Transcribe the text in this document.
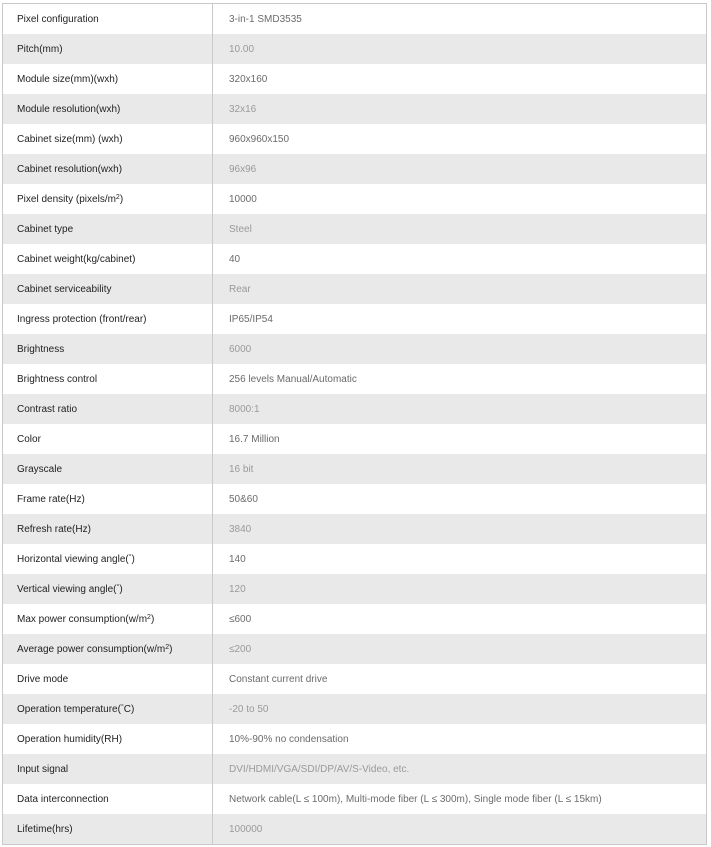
Pixel configuration	3-in-1 SMD3535
Pitch(mm)	10.00
Module size(mm)(wxh)	320x160
Module resolution(wxh)	32x16
Cabinet size(mm) (wxh)	960x960x150
Cabinet resolution(wxh)	96x96
Pixel density ($pixels/m^2$ )	10000
Cabinet type	Steel
Cabinet weight(kg/cabinet)	40
Cabinet serviceability	Rear
Ingress protection (front/rear)	IP65/IP54
Brightness	6000
Brightness control	256 levels Manual/Automatic
Contrast ratio	8000:1
Color	16.7 Million
Grayscale	16 bit
Frame rate(Hz)	50&60
Refresh rate(Hz)	3840
Horizontal viewing angle(° )	140
Vertical viewing angle(° )	120
Max power $consumption(w/m^2$ )	≤600
Average power $consumption(w/m^2$ )	≤200
Drive mode	Constant current drive
Operation temperature(° C)	-20 to 50
Operation humidity(RH)	10%-90% no condensation
Input signal	DVI/HDMI/VGA/SDI/DP/AV/S-Video, etc.
Data interconnection	Network cable(L ≤ 100m), Multi-mode fiber (L ≤ 300m), Single mode fiber (L ≤ 15km)
Lifetime(hrs)	100000
